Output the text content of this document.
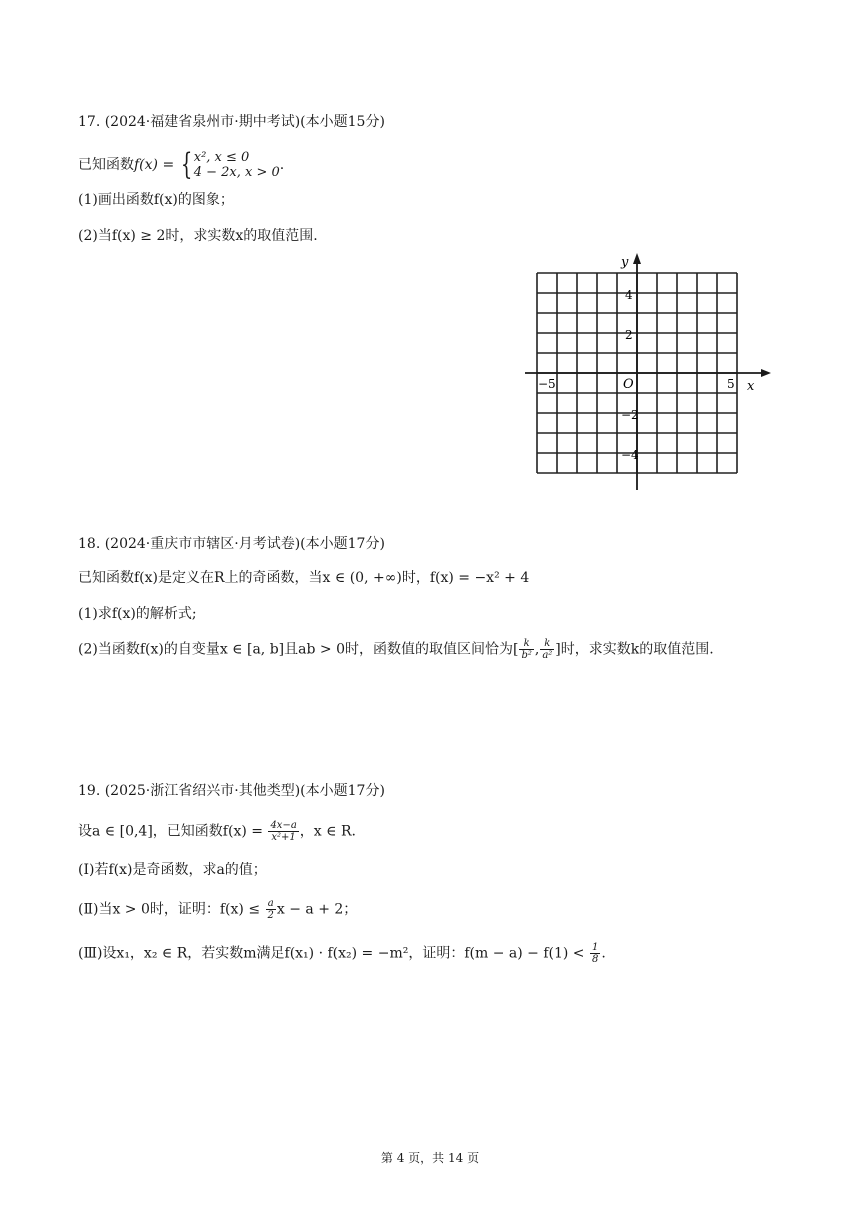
17. (2024·福建省泉州市·期中考试)(本小题15分)
已知函数f(x) = { x², x ≤ 0
4 − 2x, x > 0 .
(1)画出函数f(x)的图象；
(2)当f(x) ≥ 2时，求实数x的取值范围.
y
x
O
−5	5
4
2
−2
−4
18. (2024·重庆市市辖区·月考试卷)(本小题17分)
已知函数f(x)是定义在R上的奇函数，当x ∈ (0, +∞)时，f(x) = −x² + 4
(1)求f(x)的解析式;
(2)当函数f(x)的自变量x ∈ [a, b]且ab > 0时，函数值的取值区间恰为[ $\frac{k}{\text{b²}}$ , $\frac{k}{\text{a²}}$ ]时，求实数k的取值范围.
19. (2025·浙江省绍兴市·其他类型)(本小题17分)
设a ∈ [0,4]，已知函数$f(x) = \frac{4x-a}{\text{x²+1}}$ ，x ∈ R.
(Ⅰ)若f(x)是奇函数，求a的值；
(Ⅱ)当x > 0时，证明：$f(x) \le \frac{a}{2}$ x − a + 2；
(Ⅲ)设x₁，x₂ ∈ R，若实数m满足f(x₁) · f(x₂) = −m²，证明：$f(m - a) - f(1) < \frac{1}{8}$ .
第 4 页，共 14 页
